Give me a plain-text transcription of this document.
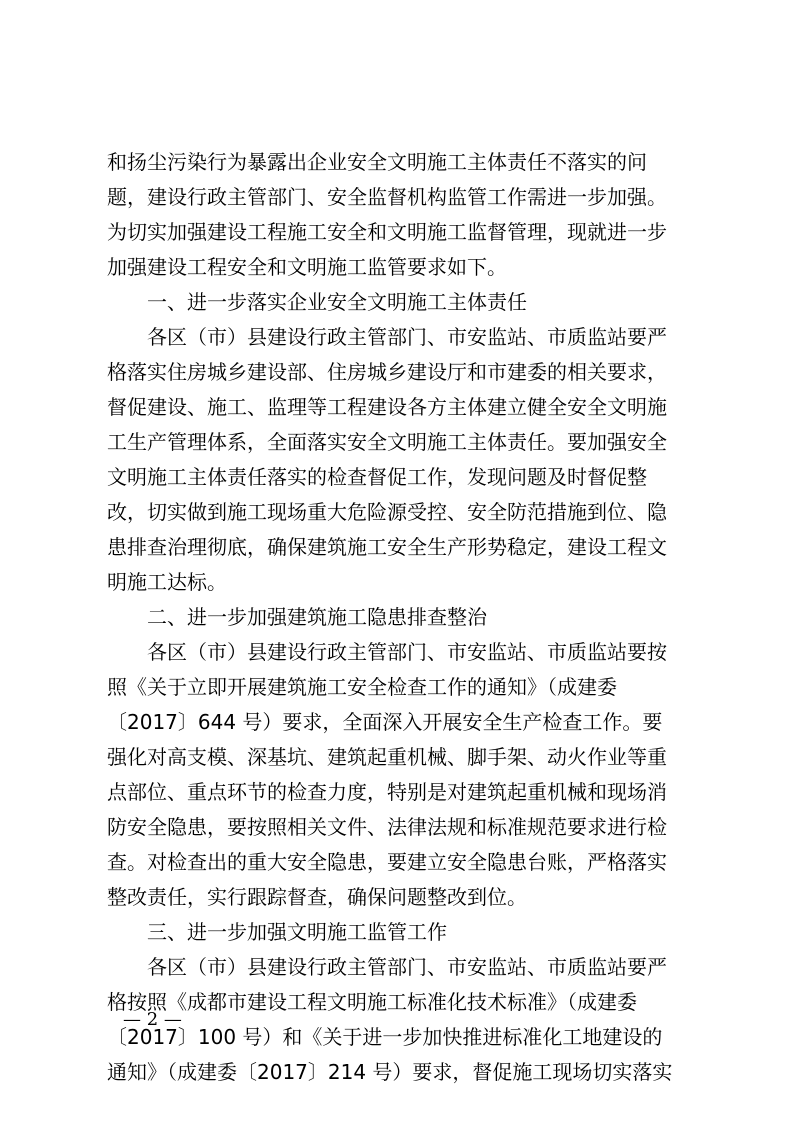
和扬尘污染行为暴露出企业安全文明施工主体责任不落实的问
题，建设行政主管部门、安全监督机构监管工作需进一步加强。
为切实加强建设工程施工安全和文明施工监督管理，现就进一步
加强建设工程安全和文明施工监管要求如下。
一、进一步落实企业安全文明施工主体责任
各区（市）县建设行政主管部门、市安监站、市质监站要严
格落实住房城乡建设部、住房城乡建设厅和市建委的相关要求，
督促建设、施工、监理等工程建设各方主体建立健全安全文明施
工生产管理体系，全面落实安全文明施工主体责任。要加强安全
文明施工主体责任落实的检查督促工作，发现问题及时督促整
改，切实做到施工现场重大危险源受控、安全防范措施到位、隐
患排查治理彻底，确保建筑施工安全生产形势稳定，建设工程文
明施工达标。
二、进一步加强建筑施工隐患排查整治
各区（市）县建设行政主管部门、市安监站、市质监站要按
照《关于立即开展建筑施工安全检查工作的通知》（成建委
〔2017〕644 号）要求，全面深入开展安全生产检查工作。要
强化对高支模、深基坑、建筑起重机械、脚手架、动火作业等重
点部位、重点环节的检查力度，特别是对建筑起重机械和现场消
防安全隐患，要按照相关文件、法律法规和标准规范要求进行检
查。对检查出的重大安全隐患，要建立安全隐患台账，严格落实
整改责任，实行跟踪督查，确保问题整改到位。
三、进一步加强文明施工监管工作
各区（市）县建设行政主管部门、市安监站、市质监站要严
格按照《成都市建设工程文明施工标准化技术标准》（成建委
〔2017〕100 号）和《关于进一步加快推进标准化工地建设的
通知》（成建委〔2017〕214 号）要求，督促施工现场切实落实
— 2 —
